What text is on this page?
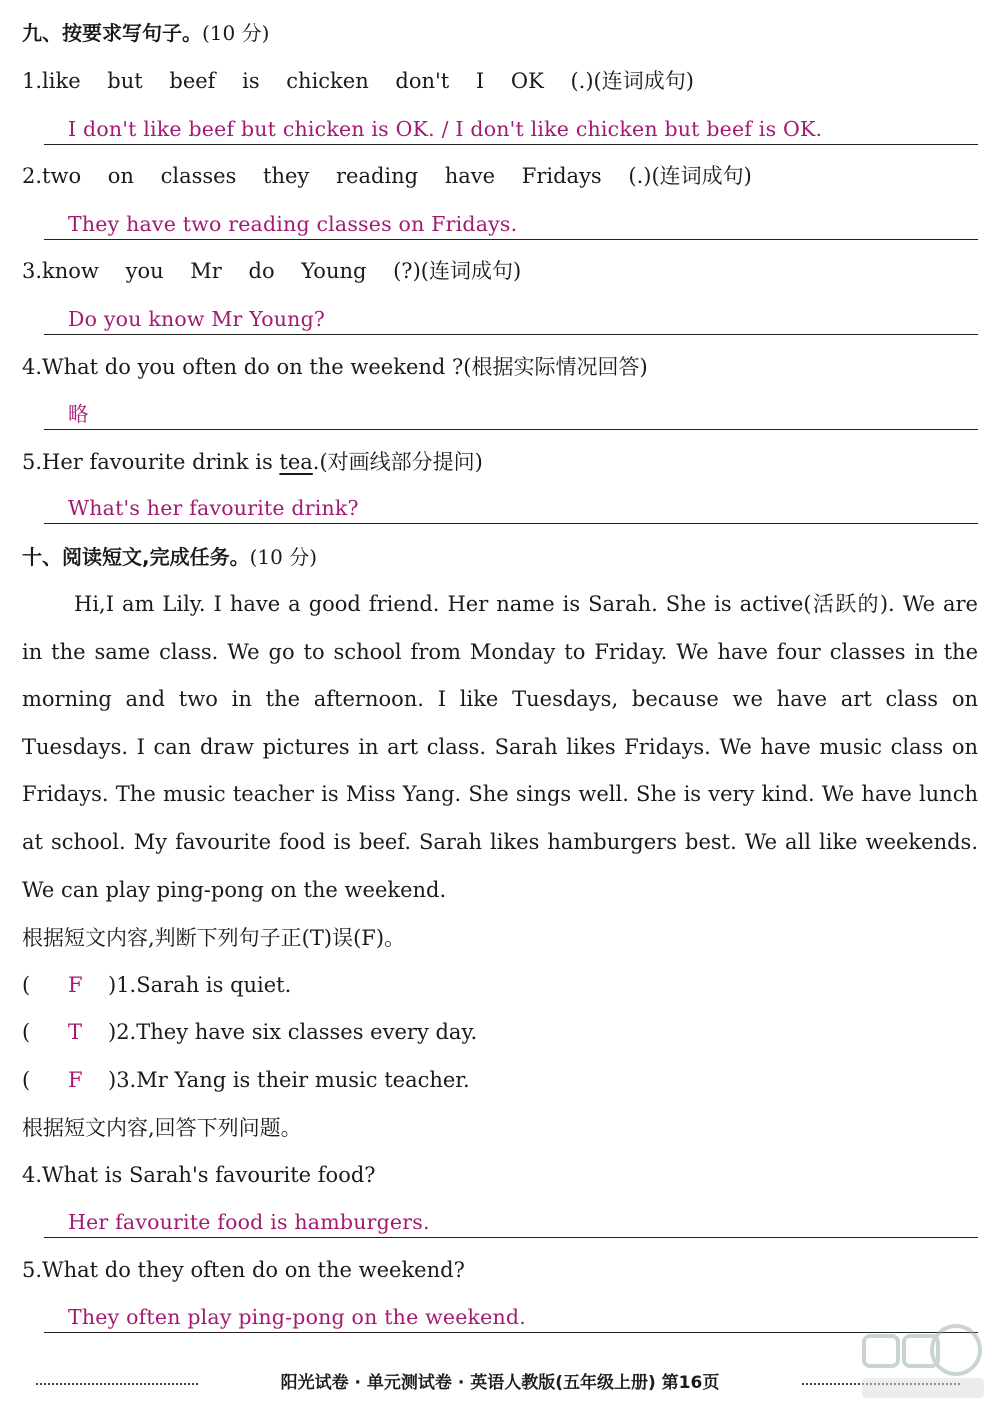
九、按要求写句子。(10 分)
1.like but beef is chicken don't I OK (.)(连词成句)
I don't like beef but chicken is OK. / I don't like chicken but beef is OK.
2.two on classes they reading have Fridays (.)(连词成句)
They have two reading classes on Fridays.
3.know you Mr do Young (?)(连词成句)
Do you know Mr Young?
4.What do you often do on the weekend ?(根据实际情况回答)
略
5.Her favourite drink is tea.(对画线部分提问)
What's her favourite drink?
十、阅读短文,完成任务。(10 分)

Hi,I am Lily. I have a good friend. Her name is Sarah. She is active(活跃的). We are in the same class. We go to school from Monday to Friday. We have four classes in the morning and two in the afternoon. I like Tuesdays, because we have art class on Tuesdays. I can draw pictures in art class. Sarah likes Fridays. We have music class on Fridays. The music teacher is Miss Yang. She sings well. She is very kind. We have lunch at school. My favourite food is beef. Sarah likes hamburgers best. We all like weekends. We can play ping-pong on the weekend.

根据短文内容,判断下列句子正(T)误(F)。
( F )1.Sarah is quiet.
( T )2.They have six classes every day.
( F )3.Mr Yang is their music teacher.
根据短文内容,回答下列问题。
4.What is Sarah's favourite food?
Her favourite food is hamburgers.
5.What do they often do on the weekend?
They often play ping-pong on the weekend.
阳光试卷 · 单元测试卷 · 英语人教版(五年级上册) 第16页
